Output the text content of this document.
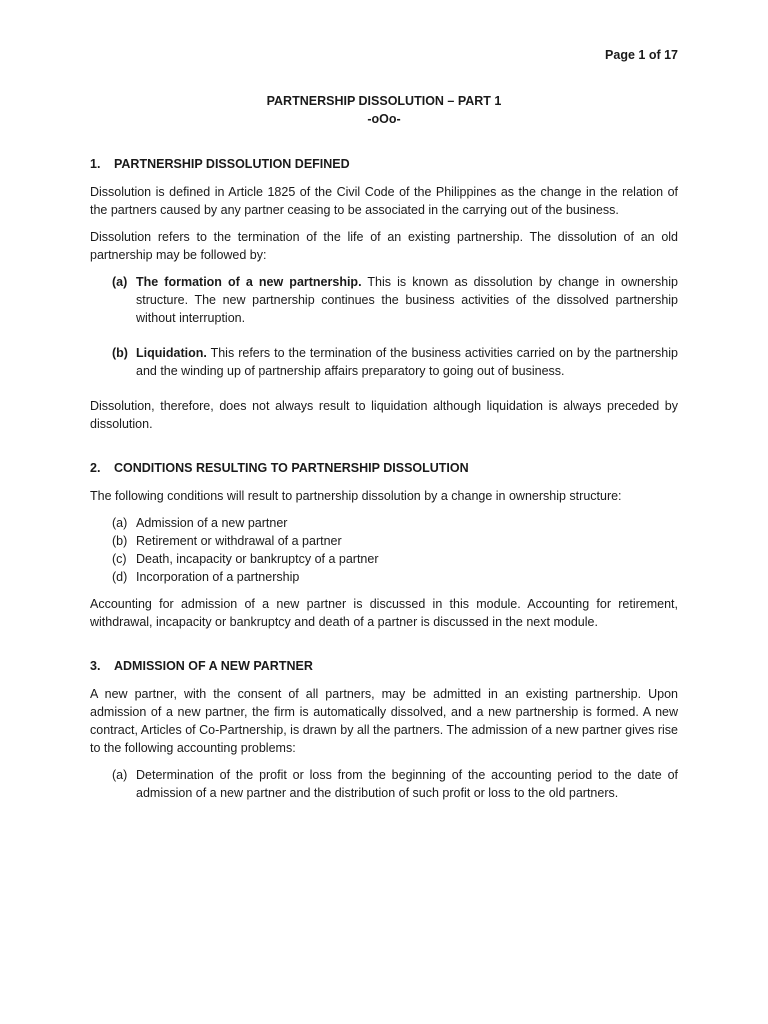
Page 1 of 17

PARTNERSHIP DISSOLUTION – PART 1
-oOo-
1. PARTNERSHIP DISSOLUTION DEFINED

Dissolution is defined in Article 1825 of the Civil Code of the Philippines as the change in the relation of the partners caused by any partner ceasing to be associated in the carrying out of the business.

Dissolution refers to the termination of the life of an existing partnership. The dissolution of an old partnership may be followed by:

(a) The formation of a new partnership. This is known as dissolution by change in ownership structure. The new partnership continues the business activities of the dissolved partnership without interruption.
(b) Liquidation. This refers to the termination of the business activities carried on by the partnership and the winding up of partnership affairs preparatory to going out of business.

Dissolution, therefore, does not always result to liquidation although liquidation is always preceded by dissolution.

2. CONDITIONS RESULTING TO PARTNERSHIP DISSOLUTION

The following conditions will result to partnership dissolution by a change in ownership structure:

(a) Admission of a new partner
(b) Retirement or withdrawal of a partner
(c) Death, incapacity or bankruptcy of a partner
(d) Incorporation of a partnership

Accounting for admission of a new partner is discussed in this module. Accounting for retirement, withdrawal, incapacity or bankruptcy and death of a partner is discussed in the next module.

3. ADMISSION OF A NEW PARTNER

A new partner, with the consent of all partners, may be admitted in an existing partnership. Upon admission of a new partner, the firm is automatically dissolved, and a new partnership is formed. A new contract, Articles of Co-Partnership, is drawn by all the partners. The admission of a new partner gives rise to the following accounting problems:

(a) Determination of the profit or loss from the beginning of the accounting period to the date of admission of a new partner and the distribution of such profit or loss to the old partners.
